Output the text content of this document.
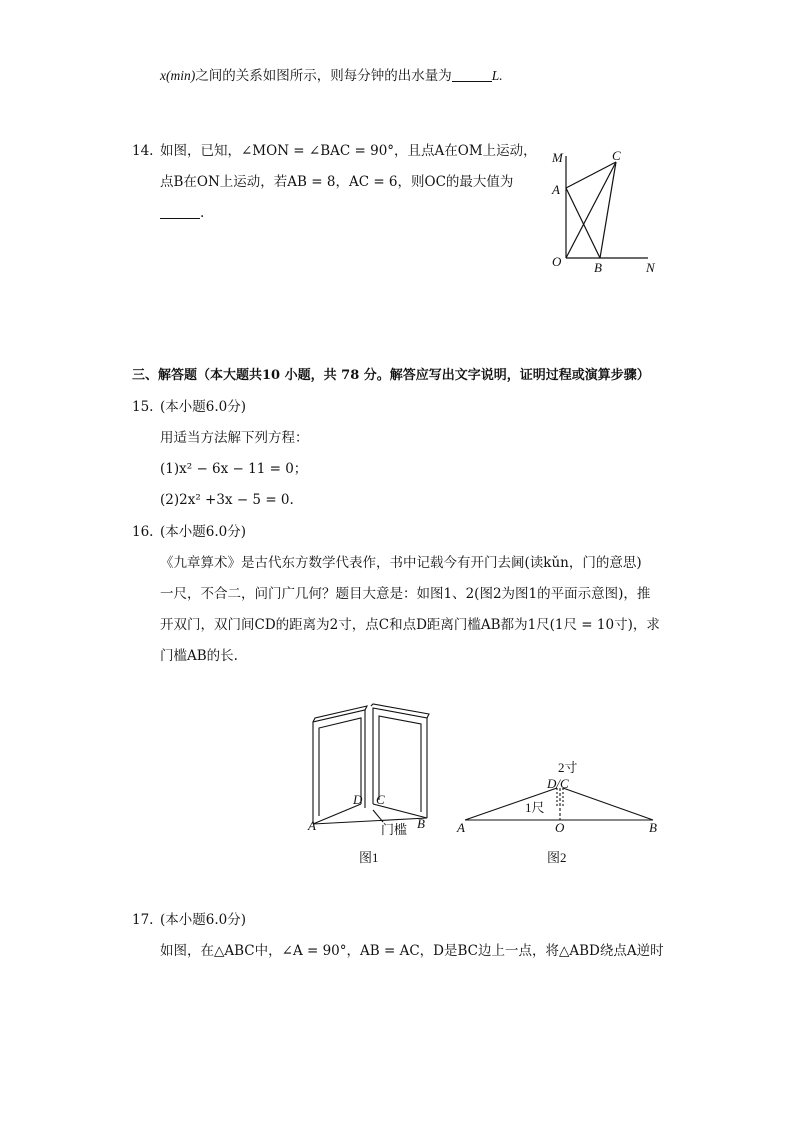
x(min)之间的关系如图所示，则每分钟的出水量为	L.
14. 如图，已知，∠MON = ∠BAC = 90°，且点A在OM上运动，
点B在ON上运动，若AB = 8，AC = 6，则OC的最大值为
.
M	C
A
O	B	N
三、解答题（本大题共10 小题，共 78 分。解答应写出文字说明，证明过程或演算步骤）
15. (本小题6.0分)
用适当方法解下列方程：
(1)x² − 6x − 11 = 0；
(2)2x² +3x − 5 = 0.
16. (本小题6.0分)
《九章算术》是古代东方数学代表作，书中记载今有开门去阃(读kǔn，门的意思)
一尺，不合二，问门广几何？题目大意是：如图1、2(图2为图1的平面示意图)，推
开双门，双门间CD的距离为2寸，点C和点D距离门槛AB都为1尺(1尺 = 10寸)，求
门槛AB的长.
A	B
D C
门槛
图1
2寸
D/C
1尺
A	O	B
图2
17. (本小题6.0分)
如图，在△ABC中，∠A = 90°，AB = AC，D是BC边上一点，将△ABD绕点A逆时
